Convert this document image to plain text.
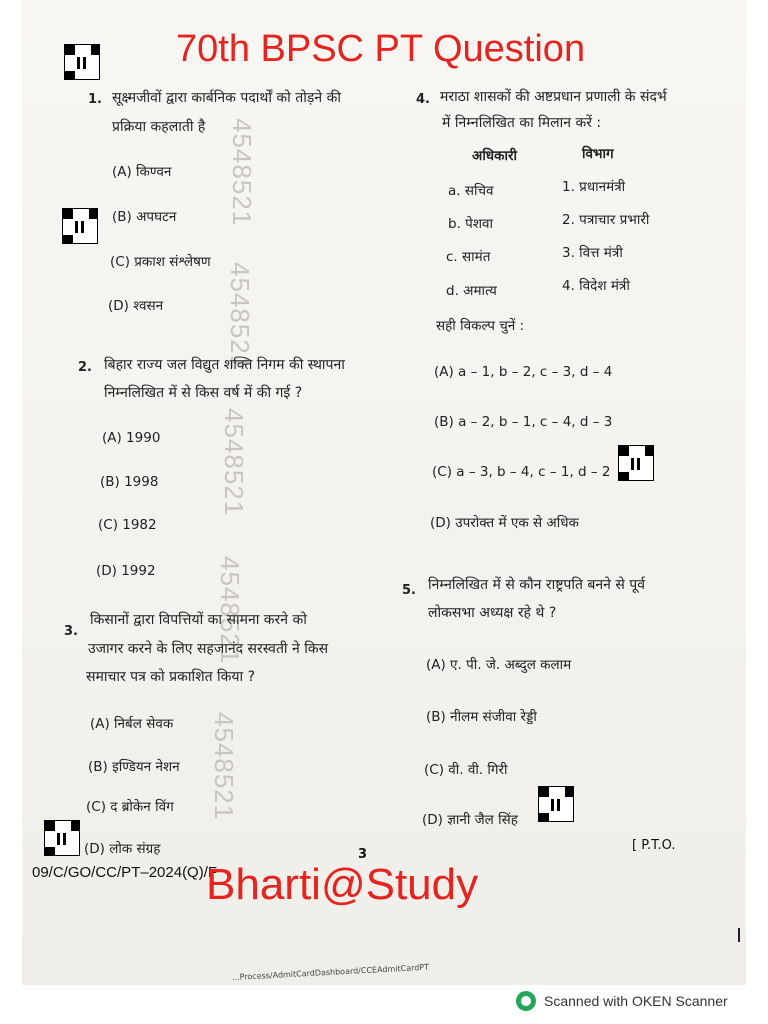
4548521
4548521
4548521
4548521
4548521
70th BPSC PT Question
1. सूक्ष्मजीवों द्वारा कार्बनिक पदार्थों को तोड़ने की
प्रक्रिया कहलाती है
(A) किण्वन
(B) अपघटन
(C) प्रकाश संश्लेषण
(D) श्वसन
2. बिहार राज्य जल विद्युत शक्ति निगम की स्थापना
निम्नलिखित में से किस वर्ष में की गई ?
(A) 1990
(B) 1998
(C) 1982
(D) 1992
3.
किसानों द्वारा विपत्तियों का सामना करने को
उजागर करने के लिए सहजानंद सरस्वती ने किस
समाचार पत्र को प्रकाशित किया ?
(A) निर्बल सेवक
(B) इण्डियन नेशन
(C) द ब्रोकेन विंग
(D) लोक संग्रह
4. मराठा शासकों की अष्टप्रधान प्रणाली के संदर्भ
में निम्नलिखित का मिलान करें :
अधिकारी	विभाग
a. सचिव
b. पेशवा
c. सामंत
d. अमात्य
1. प्रधानमंत्री
2. पत्राचार प्रभारी
3. वित्त मंत्री
4. विदेश मंत्री
सही विकल्प चुनें :
(A) a – 1, b – 2, c – 3, d – 4
(B) a – 2, b – 1, c – 4, d – 3
(C) a – 3, b – 4, c – 1, d – 2
(D) उपरोक्त में एक से अधिक
5. निम्नलिखित में से कौन राष्ट्रपति बनने से पूर्व
लोकसभा अध्यक्ष रहे थे ?
(A) ए. पी. जे. अब्दुल कलाम
(B) नीलम संजीवा रेड्डी
(C) वी. वी. गिरी
(D) ज्ञानी जैल सिंह
3
[ P.T.O.
09/C/GO/CC/PT–2024(Q)/F
Bharti@Study
...Process/AdmitCardDashboard/CCEAdmitCardPT
Scanned with OKEN Scanner
